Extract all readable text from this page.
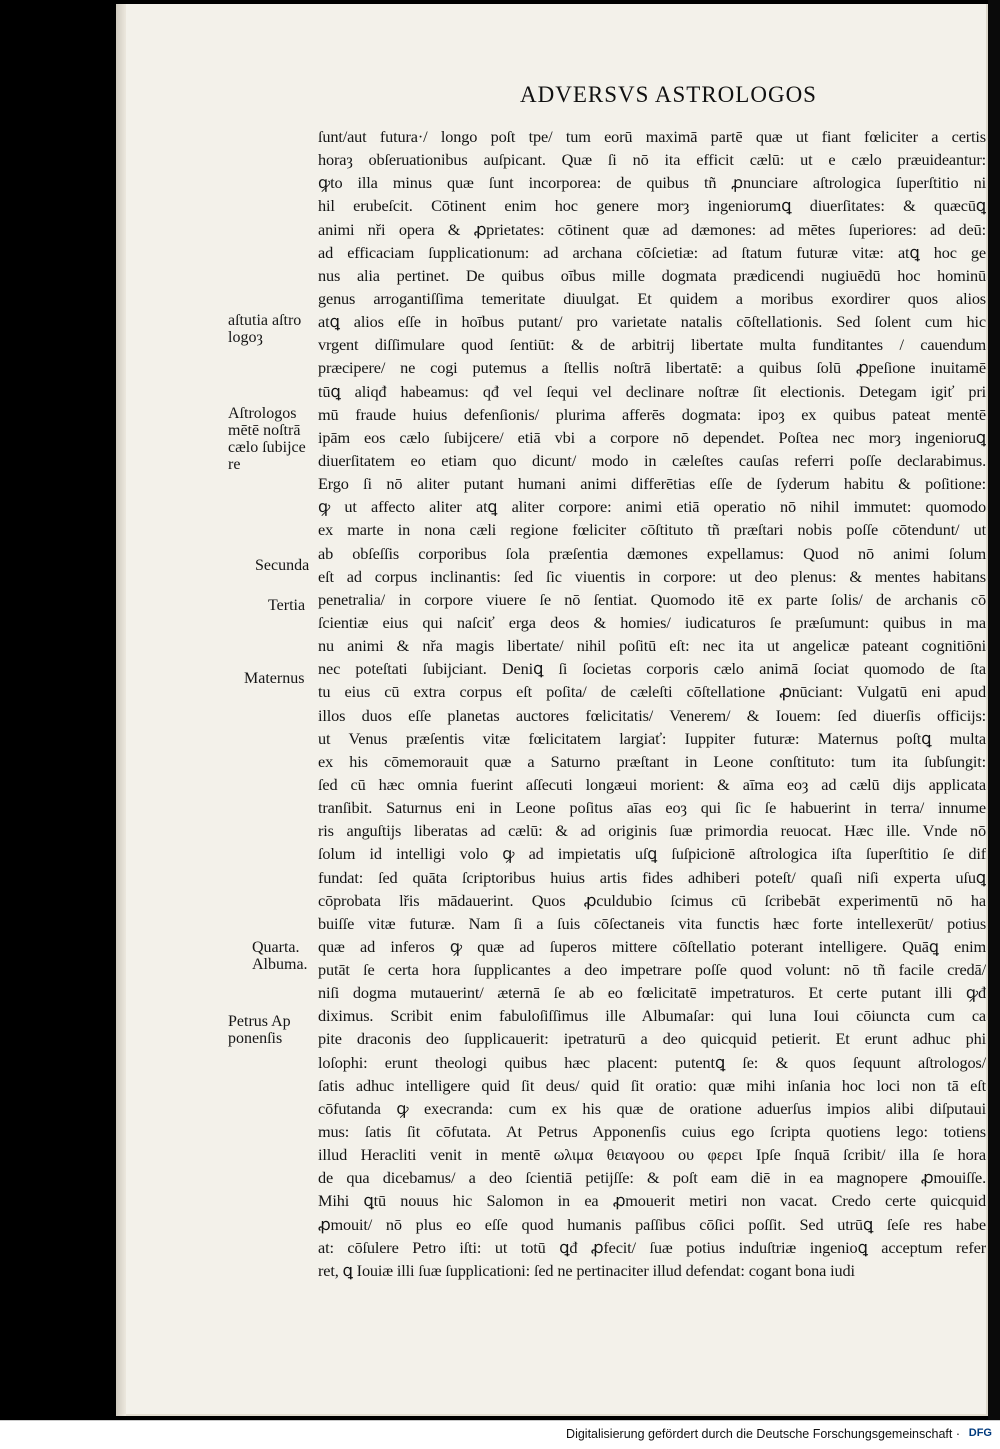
ADVERSVS ASTROLOGOS
ſunt/aut futura·/ longo poſt tpe/ tum eorū maximā partē quæ ut fiant fœliciter a certis
horaȝ obſeruationibus auſpicant. Quæ ſi nō ita efficit cælū: ut e cælo præuideantur:
ꝙto illa minus quæ ſunt incorporea: de quibus tñ ꝓnunciare aſtrologica ſuperſtitio ni
hil erubeſcit. Cōtinent enim hoc genere morȝ ingeniorumꝗ diuerſitates: & quæcūꝗ
animi nři opera & ꝓprietates: cōtinent quæ ad dæmones: ad mētes ſuperiores: ad deū:
ad efficaciam ſupplicationum: ad archana cōſcietiæ: ad ſtatum futuræ vitæ: atꝗ hoc ge
nus alia pertinet. De quibus oībus mille dogmata prædicendi nugiuēdū hoc hominū
genus arrogantiſſima temeritate diuulgat. Et quidem a moribus exordirer quos alios
atꝗ alios eſſe in hoībus putant/ pro varietate natalis cōſtellationis. Sed ſolent cum hic
vrgent diſſimulare quod ſentiūt: & de arbitrij libertate multa funditantes / cauendum
præcipere/ ne cogi putemus a ſtellis noſtrā libertatē: a quibus ſolū ꝓpeſione inuitamē
tūꝗ aliqđ habeamus: qđ vel ſequi vel declinare noſtræ ſit electionis. Detegam igiť pri
mū fraude huius defenſionis/ plurima afferēs dogmata: ipoȝ ex quibus pateat mentē
ipām eos cælo ſubijcere/ etiā vbi a corpore nō dependet. Poſtea nec morȝ ingenioruꝗ
diuerſitatem eo etiam quo dicunt/ modo in cæleſtes cauſas referri poſſe declarabimus.
Ergo ſi nō aliter putant humani animi differētias eſſe de ſyderum habitu & poſitione:
ꝙ ut affecto aliter atꝗ aliter corpore: animi etiā operatio nō nihil immutet: quomodo
ex marte in nona cæli regione fœliciter cōſtituto tñ præſtari nobis poſſe cōtendunt/ ut
ab obſeſſis corporibus ſola præſentia dæmones expellamus: Quod nō animi ſolum
eſt ad corpus inclinantis: ſed ſic viuentis in corpore: ut deo plenus: & mentes habitans
penetralia/ in corpore viuere ſe nō ſentiat. Quomodo itē ex parte ſolis/ de archanis cō
ſcientiæ eius qui naſciť erga deos & homies/ iudicaturos ſe præſumunt: quibus in ma
nu animi & nřa magis libertate/ nihil poſitū eſt: nec ita ut angelicæ pateant cognitiōni
nec poteſtati ſubijciant. Deniꝗ ſi ſocietas corporis cælo animā ſociat quomodo de ſta
tu eius cū extra corpus eſt poſita/ de cæleſti cōſtellatione ꝓnūciant: Vulgatū eni apud
illos duos eſſe planetas auctores fœlicitatis/ Venerem/ & Iouem: ſed diuerſis officijs:
ut Venus præſentis vitæ fœlicitatem largiať: Iuppiter futuræ: Maternus poſtꝗ multa
ex his cōmemorauit quæ a Saturno præſtant in Leone conſtituto: tum ita ſubſungit:
ſed cū hæc omnia fuerint aſſecuti longæui morient: & aīma eoȝ ad cælū dijs applicata
tranſibit. Saturnus eni in Leone poſitus aīas eoȝ qui ſic ſe habuerint in terra/ innume
ris anguſtijs liberatas ad cælū: & ad originis ſuæ primordia reuocat. Hæc ille. Vnde nō
ſolum id intelligi volo ꝙ ad impietatis uſꝗ ſuſpicionē aſtrologica iſta ſuperſtitio ſe dif
fundat: ſed quāta ſcriptoribus huius artis fides adhiberi poteſt/ quaſi niſi experta uſuꝗ
cōprobata lřis mādauerint. Quos ꝓculdubio ſcimus cū ſcribebāt experimentū nō ha
buiſſe vitæ futuræ. Nam ſi a ſuis cōſectaneis vita functis hæc forte intellexerūt/ potius
quæ ad inferos ꝙ quæ ad ſuperos mittere cōſtellatio poterant intelligere. Quāꝗ enim
putāt ſe certa hora ſupplicantes a deo impetrare poſſe quod volunt: nō tñ facile credā/
niſi dogma mutauerint/ æternā ſe ab eo fœlicitatē impetraturos. Et certe putant illi ꝙđ
diximus. Scribit enim fabuloſiſſimus ille Albumaſar: qui luna Ioui cōiuncta cum ca
pite draconis deo ſupplicauerit: ipetraturū a deo quicquid petierit. Et erunt adhuc phi
loſophi: erunt theologi quibus hæc placent: putentꝗ ſe: & quos ſequunt aſtrologos/
ſatis adhuc intelligere quid ſit deus/ quid ſit oratio: quæ mihi inſania hoc loci non tā eſt
cōfutanda ꝙ execranda: cum ex his quæ de oratione aduerſus impios alibi diſputaui
mus: ſatis ſit cōfutata. At Petrus Apponenſis cuius ego ſcripta quotiens lego: totiens
illud Heracliti venit in mentē ωλιμα θειαγοου ου φερει Ipſe ſnquā ſcribit/ illa ſe hora
de qua dicebamus/ a deo ſcientiā petijſſe: & poſt eam diē in ea magnopere ꝓmouiſſe.
Mihi ꝗtū nouus hic Salomon in ea ꝓmouerit metiri non vacat. Credo certe quicquid
ꝓmouit/ nō plus eo eſſe quod humanis paſſibus cōſici poſſit. Sed utrūꝗ ſeſe res habe
at: cōſulere Petro iſti: ut totū ꝗđ ꝓfecit/ ſuæ potius induſtriæ ingenioꝗ acceptum refer
ret, ꝗ Iouiæ illi ſuæ ſupplicationi: ſed ne pertinaciter illud defendat: cogant bona iudi
aſtutia aſtro
logoȝ
Aſtrologos
mētē noſtrā
cælo ſubijce
re
Secunda
Tertia
Maternus
Quarta.
Albuma.
Petrus Ap
ponenſis
Digitalisierung gefördert durch die Deutsche Forschungsgemeinschaft · DFG
